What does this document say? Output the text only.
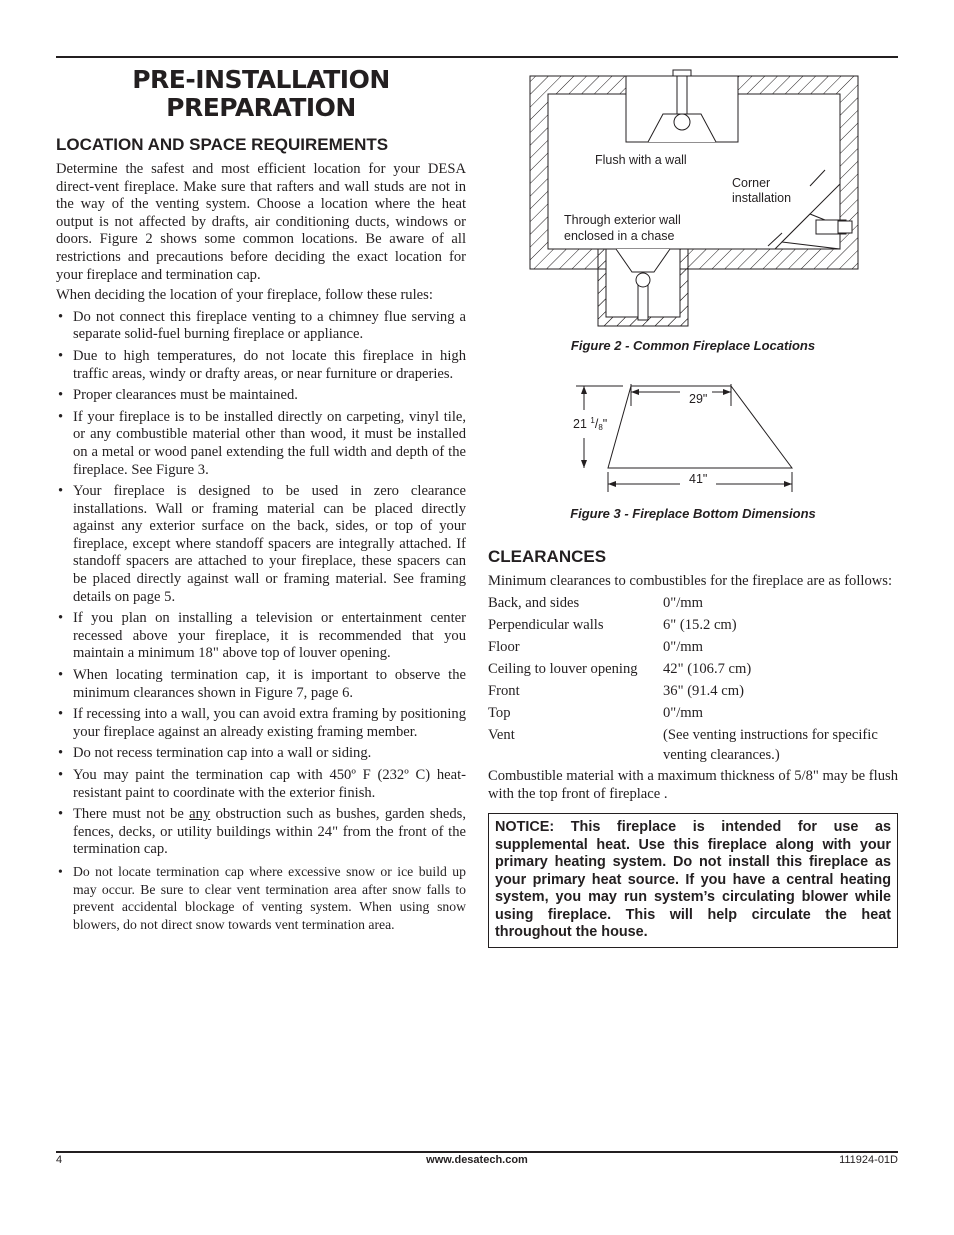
PRE-INSTALLATION PREPARATION
LOCATION AND SPACE REQUIREMENTS

Determine the safest and most efficient location for your DESA direct-vent fireplace. Make sure that rafters and wall studs are not in the way of the venting system. Choose a location where the heat output is not affected by drafts, air conditioning ducts, windows or doors. Figure 2 shows some common locations. Be aware of all restrictions and precautions before deciding the exact location for your fireplace and termination cap.

When deciding the location of your fireplace, follow these rules:

• Do not connect this fireplace venting to a chimney flue serving a separate solid-fuel burning fireplace or appliance.
• Due to high temperatures, do not locate this fireplace in high traffic areas, windy or drafty areas, or near furniture or draperies.
• Proper clearances must be maintained.
• If your fireplace is to be installed directly on carpeting, vinyl tile, or any combustible material other than wood, it must be installed on a metal or wood panel extending the full width and depth of the fireplace. See Figure 3.
• Your fireplace is designed to be used in zero clearance installations. Wall or framing material can be placed directly against any exterior surface on the back, sides, or top of your fireplace, except where standoff spacers are integrally attached. If standoff spacers are attached to your fireplace, these spacers can be placed directly against wall or framing material. See framing details on page 5.
• If you plan on installing a television or entertainment center recessed above your fireplace, it is recommended that you maintain a minimum 18" above top of louver opening.
• When locating termination cap, it is important to observe the minimum clearances shown in Figure 7, page 6.
• If recessing into a wall, you can avoid extra framing by positioning your fireplace against an already existing framing member.
• Do not recess termination cap into a wall or siding.
• You may paint the termination cap with 450º F (232º C) heat-resistant paint to coordinate with the exterior finish.
• There must not be any obstruction such as bushes, garden sheds, fences, decks, or utility buildings within 24" from the front of the termination cap.
• Do not locate termination cap where excessive snow or ice build up may occur. Be sure to clear vent termination area after snow falls to prevent accidental blockage of venting system. When using snow blowers, do not direct snow towards vent termination area.
Flush with a wall
Corner
installation
Through exterior wall
enclosed in a chase
Figure 2 - Common Fireplace Locations
29"
21 $^1$/8"
41"
Figure 3 - Fireplace Bottom Dimensions
CLEARANCES
Minimum clearances to combustibles for the fireplace are as follows:
Back, and sides	0"/mm
Perpendicular walls	6" (15.2 cm)
Floor	0"/mm
Ceiling to louver opening	42" (106.7 cm)
Front	36" (91.4 cm)
Top	0"/mm
Vent	(See venting instructions for specific venting clearances.)
Combustible material with a maximum thickness of 5/8" may be flush with the top front of fireplace .
NOTICE: This fireplace is intended for use as supplemental heat. Use this fireplace along with your primary heating system. Do not install this fireplace as your primary heat source. If you have a central heating system, you may run system’s circulating blower while using fireplace. This will help circulate the heat throughout the house.
4	www.desatech.com	111924-01D
